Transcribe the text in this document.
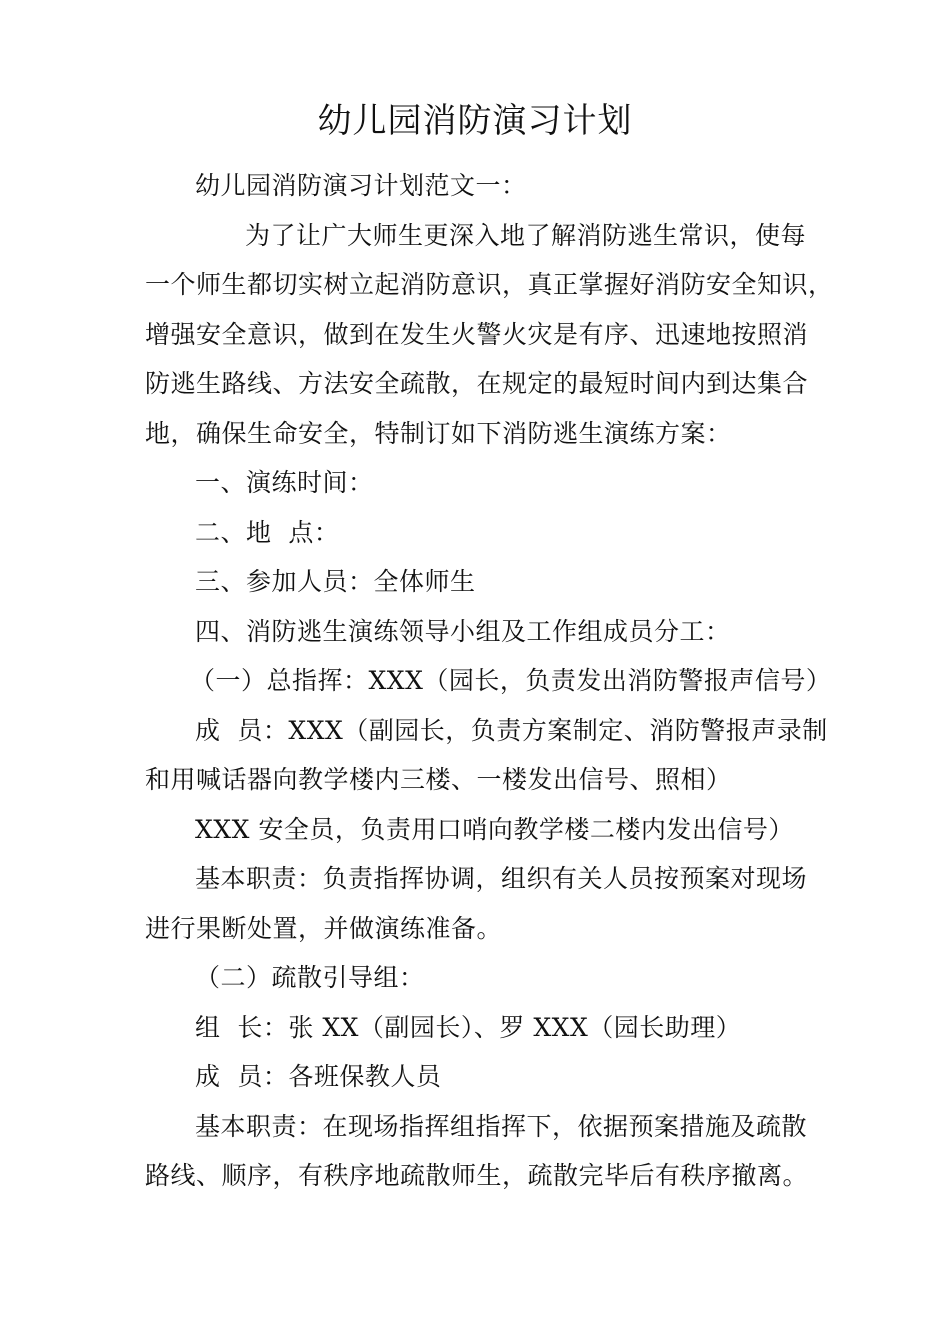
幼儿园消防演习计划
幼儿园消防演习计划范文一：
为了让广大师生更深入地了解消防逃生常识，使每
一个师生都切实树立起消防意识，真正掌握好消防安全知识，
增强安全意识，做到在发生火警火灾是有序、迅速地按照消
防逃生路线、方法安全疏散，在规定的最短时间内到达集合
地，确保生命安全，特制订如下消防逃生演练方案：
一、演练时间：
二、地  点：
三、参加人员：全体师生
四、消防逃生演练领导小组及工作组成员分工：
（一）总指挥：XXX（园长，负责发出消防警报声信号）
成  员：XXX（副园长，负责方案制定、消防警报声录制
和用喊话器向教学楼内三楼、一楼发出信号、照相）
XXX 安全员，负责用口哨向教学楼二楼内发出信号）
基本职责：负责指挥协调，组织有关人员按预案对现场
进行果断处置，并做演练准备。
（二）疏散引导组：
组  长：张 XX（副园长）、罗 XXX（园长助理）
成  员：各班保教人员
基本职责：在现场指挥组指挥下，依据预案措施及疏散
路线、顺序，有秩序地疏散师生，疏散完毕后有秩序撤离。
